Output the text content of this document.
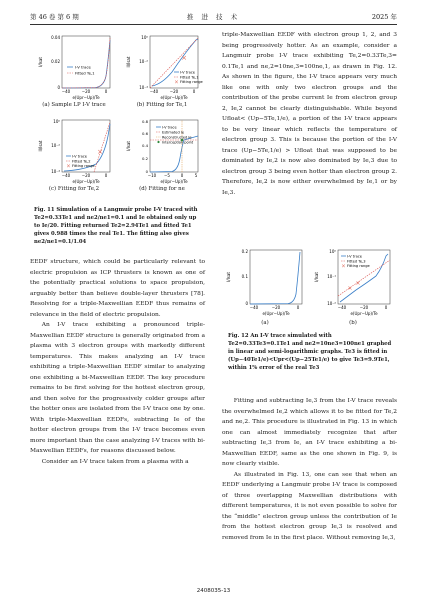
第 46 卷 第 6 期	推 进 技 术	2025 年
0.04
0.02
0
−40	−20	0
e(Upr−Up)/Te
I/Isat
I-V trace
Fitted Te,1
(a) Sample LP I-V trace
10⁰
10⁻²
10⁻⁴
−40	−20	0
e(Upr−Up)/Te
Il/Isat	×
I-V trace
Fitted Te,1
× Fitting range
(b) Fitting for Te,1
10⁰
10⁻²
10⁻⁴
−40	−20	0
e(Upr−Up)/Te
Il/Isat
×
I-V trace
Fitted Te,2
× Fitting range
(c) Fitting for Te,2
0.8
0.6
0.4
0.2
0
−10 −5	0	5
e(Upr−Up)/Te
I/Isat
I-V trace
Estimated Ie
Reconstructed Ie
Interception point
(d) Fitting for ne
Fig. 11 Simulation of a Langmuir probe I-V traced with Te2=0.33Te1 and ne2/ne1=0.1 and Ie obtained only up to Ie/20. Fitting returned Te2=2.94Te1 and fitted Te1 gives 0.988 times the real Te1. The fitting also gives ne2/ne1=0.1/1.04

EEDF structure, which could be particularly relevant to electric propulsion as ICP thrusters is known as one of the potentially practical solutions to space propulsion, arguably better than believe double-layer thrusters [78]. Resolving for a triple-Maxwellian EEDF thus remains of relevance in the field of electric propulsion.

An I-V trace exhibiting a pronounced triple-Maxwellian EEDF structure is generally originated from a plasma with 3 electron groups with markedly different temperatures. This makes analyzing an I-V trace exhibiting a triple-Maxwellian EEDF similar to analyzing one exhibiting a bi-Maxwellian EEDF. The key procedure remains to be first solving for the hottest electron group, and then solve for the progressively colder groups after the hotter ones are isolated from the I-V trace one by one. With triple-Maxwellian EEDFs, subtracting Ie of the hotter electron groups from the I-V trace becomes even more important than the case analyzing I-V traces with bi-Maxwellian EEDFs, for reasons discussed below.

Consider an I-V trace taken from a plasma with a

triple-Maxwellian EEDF with electron group 1, 2, and 3 being progressively hotter. As an example, consider a Langmuir probe I-V trace exhibiting Te,2=0.33Te,3= 0.1Te,1 and ne,2=10ne,3=100ne,1, as drawn in Fig. 12. As shown in the figure, the I-V trace appears very much like one with only two electron groups and the contribution of the probe current Ie from electron group 2, Ie,2 cannot be clearly distinguishable. While beyond Ufloat< (Up−5Te,1/e), a portion of the I-V trace appears to be very linear which reflects the temperature of electron group 3. This is because the portion of the I-V trace (Up−5Te,1/e) > Ufloat that was supposed to be dominated by Ie,2 is now also dominated by Ie,3 due to electron group 3 being even hotter than electron group 2. Therefore, Ie,2 is now either overwhelmed by Ie,1 or by Ie,3.

0.2
0.1
0
−40	−20	0
e(Upr−Up)/Te
I/Isat
(a)
10⁰
10⁻¹
10⁻²
−40	−20	0
e(Upr−Up)/Te
I/Isat
×
×
I-V trace
Fitted Te,3
× Fitting range
(b)
Fig. 12 An I-V trace simulated with Te2=0.33Te3=0.1Te1 and ne2=10ne3=100ne1 graphed in linear and semi-logarithmic graphs. Te3 is fitted in (Up−40Te1/e)<Upr<(Up−25Te1/e) to give Te3=9.9Te1, within 1% error of the real Te3

Fitting and subtracting Ie,3 from the I-V trace reveals the overwhelmed Ie,2 which allows it to be fitted for Te,2 and ne,2. This procedure is illustrated in Fig. 13 in which one can almost immediately recognize that after subtracting Ie,3 from Ie, an I-V trace exhibiting a bi-Maxwellian EEDF, same as the one shown in Fig. 9, is now clearly visible.

As illustrated in Fig. 13, one can see that when an EEDF underlying a Langmuir probe I-V trace is composed of three overlapping Maxwellian distributions with different temperatures, it is not even possible to solve for the “middle” electron group unless the contribution of Ie from the hottest electron group Ie,3 is resolved and removed from Ie in the first place. Without removing Ie,3,

2408035-13
